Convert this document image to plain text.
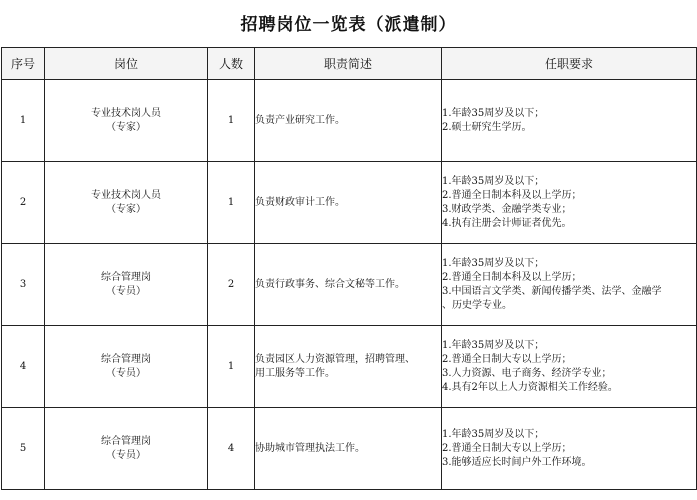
招聘岗位一览表（派遣制）
序号	岗位	人数	职责简述	任职要求
1	专业技术岗人员
（专家）	1	负责产业研究工作。	1.年龄35周岁及以下；
2.硕士研究生学历。

2	专业技术岗人员
（专家）	1	负责财政审计工作。	1.年龄35周岁及以下；
2.普通全日制本科及以上学历；
3.财政学类、金融学类专业；
4.执有注册会计师证者优先。

3	综合管理岗
（专员）	2	负责行政事务、综合文秘等工作。	1.年龄35周岁及以下；
2.普通全日制本科及以上学历；
3.中国语言文学类、新闻传播学类、法学、金融学
、历史学专业。

4	综合管理岗
（专员）	1	负责园区人力资源管理，招聘管理、
用工服务等工作。	1.年龄35周岁及以下；
2.普通全日制大专以上学历；
3.人力资源、电子商务、经济学专业；
4.具有2年以上人力资源相关工作经验。

5	综合管理岗
（专员）	4	协助城市管理执法工作。	1.年龄35周岁及以下；
2.普通全日制大专以上学历；
3.能够适应长时间户外工作环境。
